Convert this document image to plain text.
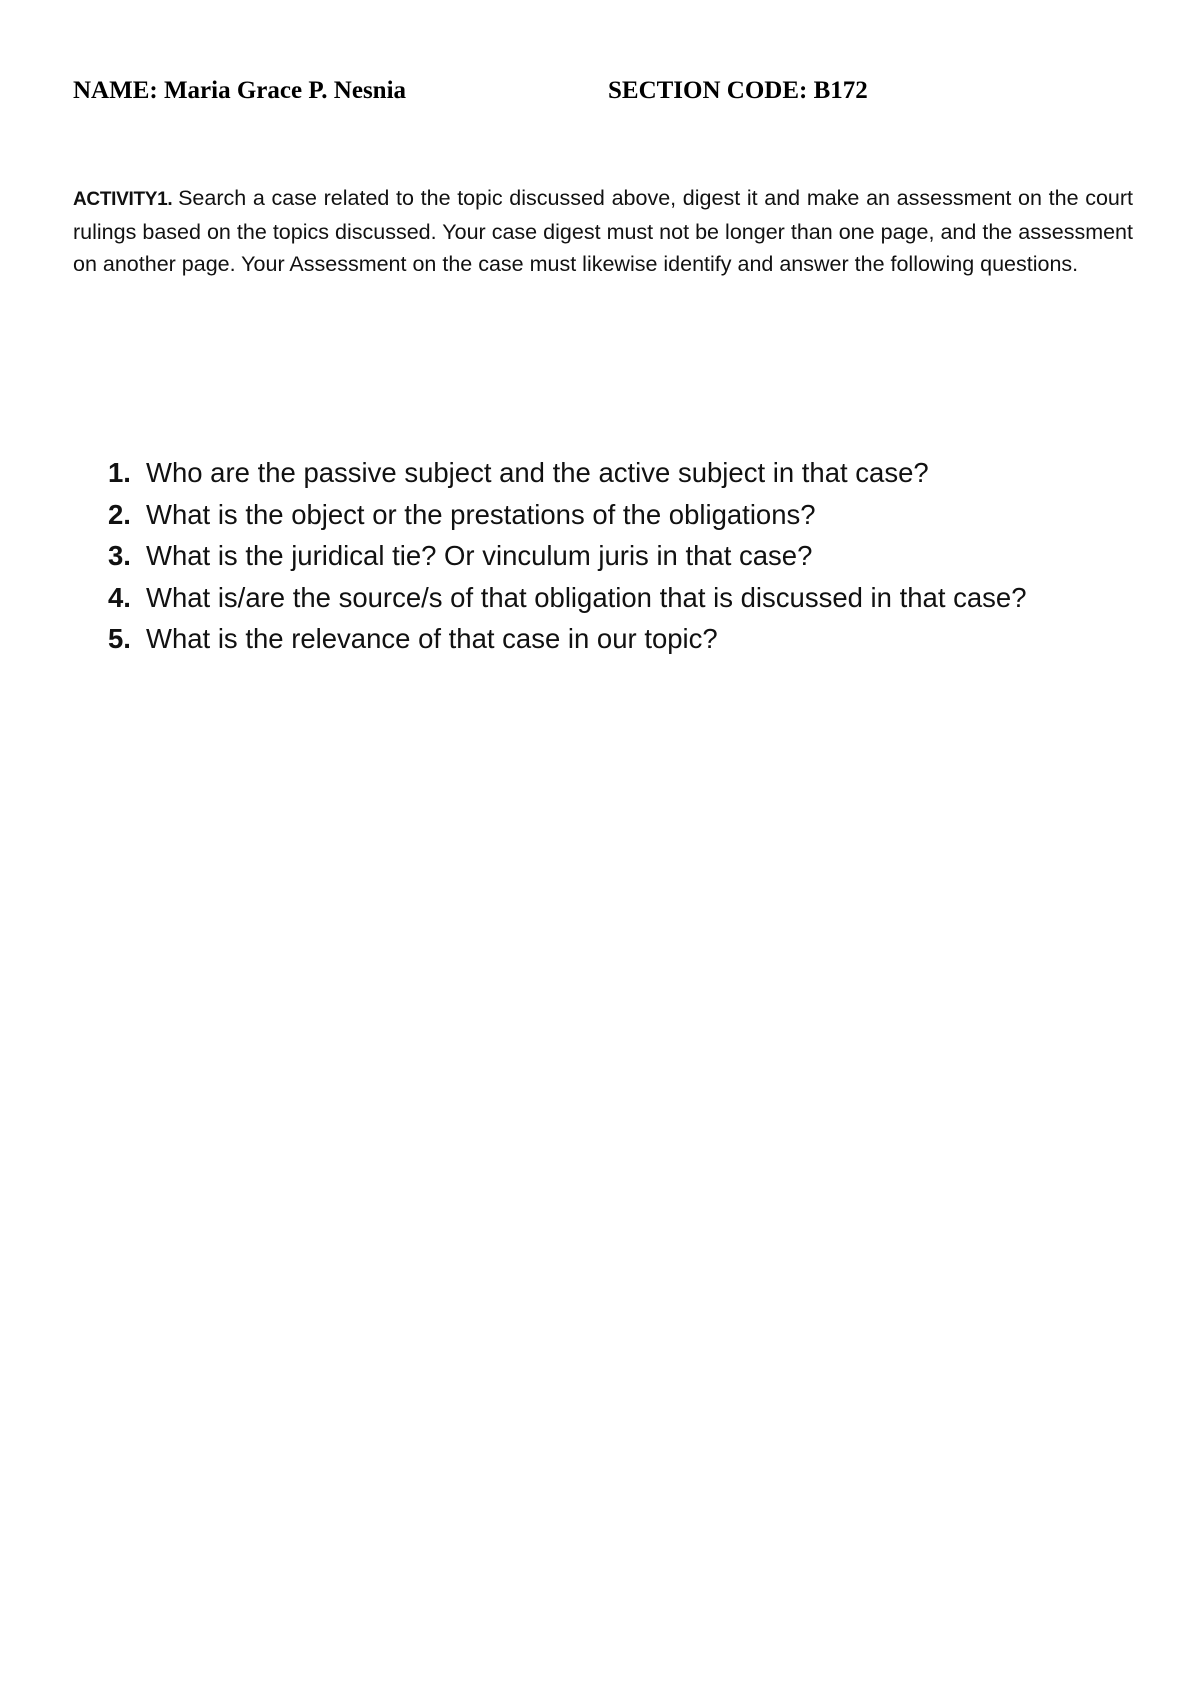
NAME: Maria Grace P. Nesnia	SECTION CODE: B172
ACTIVITY1. Search a case related to the topic discussed above, digest it and make an assessment on the court rulings based on the topics discussed. Your case digest must not be longer than one page, and the assessment on another page. Your Assessment on the case must likewise identify and answer the following questions.
1. Who are the passive subject and the active subject in that case?
2. What is the object or the prestations of the obligations?
3. What is the juridical tie? Or vinculum juris in that case?
4. What is/are the source/s of that obligation that is discussed in that case?
5. What is the relevance of that case in our topic?
